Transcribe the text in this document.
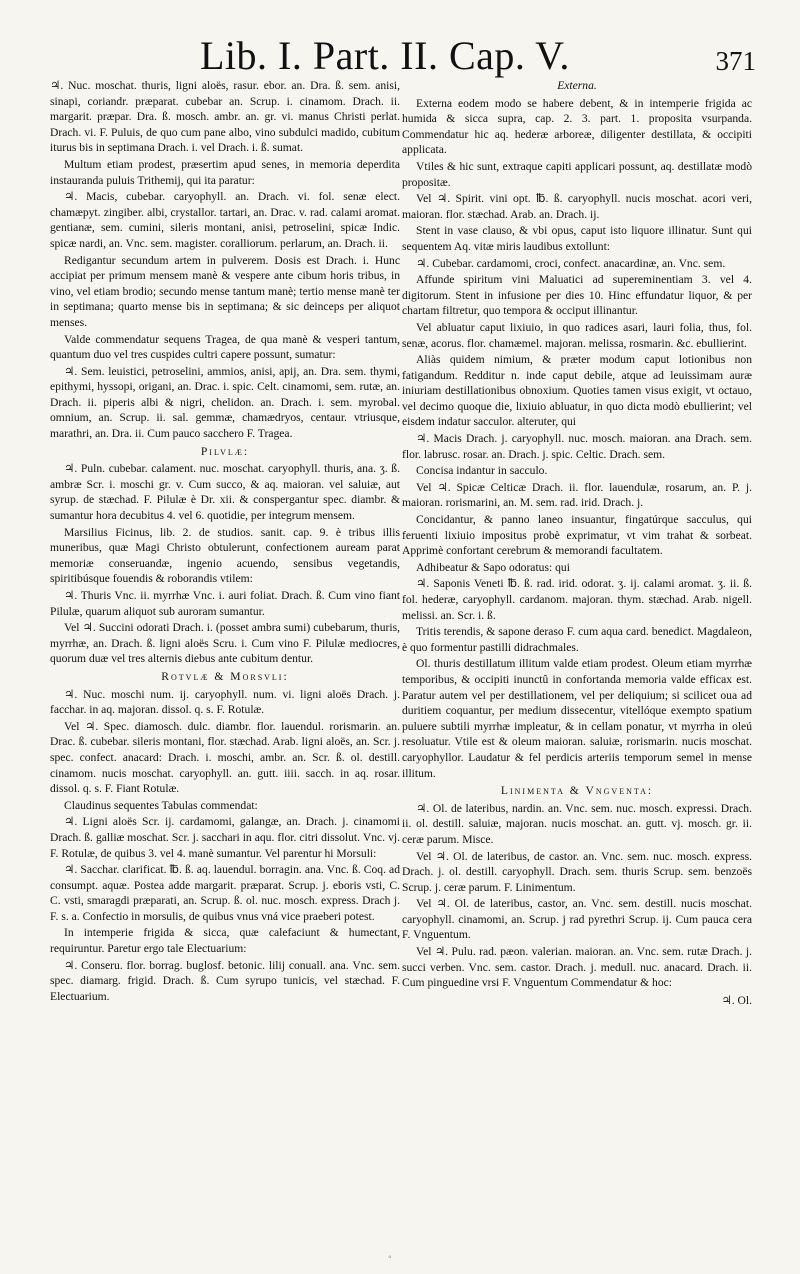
Lib. I. Part. II. Cap. V.	371

♃. Nuc. moschat. thuris, ligni aloës, rasur. ebor. an. Dra. ß. sem. anisi, sinapi, coriandr. præparat. cubebar an. Scrup. i. cinamom. Drach. ii. margarit. præpar. Dra. ß. mosch. ambr. an. gr. vi. manus Christi perlat. Drach. vi. F. Puluis, de quo cum pane albo, vino subdulci madido, cubitum iturus bis in septimana Drach. i. vel Drach. i. ß. sumat.

Multum etiam prodest, præsertim apud senes, in memoria deperdita instauranda puluis Trithemij, qui ita paratur:

♃. Macis, cubebar. caryophyll. an. Drach. vi. fol. senæ elect. chamæpyt. zingiber. albi, crystallor. tartari, an. Drac. v. rad. calami aromat. gentianæ, sem. cumini, sileris montani, anisi, petroselini, spicæ Indic. spicæ nardi, an. Vnc. sem. magister. coralliorum. perlarum, an. Drach. ii.

Redigantur secundum artem in pulverem. Dosis est Drach. i. Hunc accipiat per primum mensem manè & vespere ante cibum horis tribus, in vino, vel etiam brodio; secundo mense tantum manè; tertio mense manè ter in septimana; quarto mense bis in septimana; & sic deinceps per aliquot menses.

Valde commendatur sequens Tragea, de qua manè & vesperi tantum, quantum duo vel tres cuspides cultri capere possunt, sumatur:

♃. Sem. leuistici, petroselini, ammios, anisi, apij, an. Dra. sem. thymi, epithymi, hyssopi, origani, an. Drac. i. spic. Celt. cinamomi, sem. rutæ, an. Drach. ii. piperis albi & nigri, chelidon. an. Drach. i. sem. myrobal. omnium, an. Scrup. ii. sal. gemmæ, chamædryos, centaur. vtriusque, marathri, an. Dra. ii. Cum pauco sacchero F. Tragea.

Pilvlæ:

♃. Puln. cubebar. calament. nuc. moschat. caryophyll. thuris, ana. ʒ. ß. ambræ Scr. i. moschi gr. v. Cum succo, & aq. maioran. vel saluiæ, aut syrup. de stæchad. F. Pilulæ è Dr. xii. & conspergantur spec. diambr. & sumantur hora decubitus 4. vel 6. quotidie, per integrum mensem.

Marsilius Ficinus, lib. 2. de studios. sanit. cap. 9. è tribus illis muneribus, quæ Magi Christo obtulerunt, confectionem auream parat memoriæ conseruandæ, ingenio acuendo, sensibus vegetandis, spiritibúsque fouendis & roborandis vtilem:

♃. Thuris Vnc. ii. myrrhæ Vnc. i. auri foliat. Drach. ß. Cum vino fiant Pilulæ, quarum aliquot sub auroram sumantur.

Vel ♃. Succini odorati Drach. i. (posset ambra sumi) cubebarum, thuris, myrrhæ, an. Drach. ß. ligni aloës Scru. i. Cum vino F. Pilulæ mediocres, quorum duæ vel tres alternis diebus ante cubitum dentur.

Rotvlæ & Morsvli:

♃. Nuc. moschi num. ij. caryophyll. num. vi. ligni aloës Drach. j. facchar. in aq. majoran. dissol. q. s. F. Rotulæ.

Vel ♃. Spec. diamosch. dulc. diambr. flor. lauendul. rorismarin. an. Drac. ß. cubebar. sileris montani, flor. stæchad. Arab. ligni aloës, an. Scr. j. spec. confect. anacard: Drach. i. moschi, ambr. an. Scr. ß. ol. destill. cinamom. nucis moschat. caryophyll. an. gutt. iiii. sacch. in aq. rosar. dissol. q. s. F. Fiant Rotulæ.

Claudinus sequentes Tabulas commendat:

♃. Ligni aloës Scr. ij. cardamomi, galangæ, an. Drach. j. cinamomi Drach. ß. galliæ moschat. Scr. j. sacchari in aqu. flor. citri dissolut. Vnc. vj. F. Rotulæ, de quibus 3. vel 4. manè sumantur. Vel parentur hi Morsuli:

♃. Sacchar. clarificat. ℔. ß. aq. lauendul. borragin. ana. Vnc. ß. Coq. ad consumpt. aquæ. Postea adde margarit. præparat. Scrup. j. eboris vsti, C. C. vsti, smaragdi præparati, an. Scrup. ß. ol. nuc. mosch. express. Drach j. F. s. a. Confectio in morsulis, de quibus vnus vná vice praeberi potest.

In intemperie frigida & sicca, quæ calefaciunt & humectant, requiruntur. Paretur ergo tale Electuarium:

♃. Conseru. flor. borrag. buglosf. betonic. lilij conuall. ana. Vnc. sem. spec. diamarg. frigid. Drach. ß. Cum syrupo tunicis, vel stæchad. F. Electuarium.

Externa.

Externa eodem modo se habere debent, & in intemperie frigida ac humida & sicca supra, cap. 2. 3. part. 1. proposita vsurpanda. Commendatur hic aq. hederæ arboreæ, diligenter destillata, & occipiti applicata.

Vtiles & hic sunt, extraque capiti applicari possunt, aq. destillatæ modò propositæ.

Vel ♃. Spirit. vini opt. ℔. ß. caryophyll. nucis moschat. acori veri, maioran. flor. stæchad. Arab. an. Drach. ij.

Stent in vase clauso, & vbi opus, caput isto liquore illinatur. Sunt qui sequentem Aq. vitæ miris laudibus extollunt:

♃. Cubebar. cardamomi, croci, confect. anacardinæ, an. Vnc. sem.

Affunde spiritum vini Maluatici ad supereminentiam 3. vel 4. digitorum. Stent in infusione per dies 10. Hinc effundatur liquor, & per chartam filtretur, quo tempora & occiput illinantur.

Vel abluatur caput lixiuio, in quo radices asari, lauri folia, thus, fol. senæ, acorus. flor. chamæmel. majoran. melissa, rosmarin. &c. ebullierint.

Aliàs quidem nimium, & præter modum caput lotionibus non fatigandum. Redditur n. inde caput debile, atque ad leuissimam auræ iniuriam destillationibus obnoxium. Quoties tamen visus exigit, vt octauo, vel decimo quoque die, lixiuio abluatur, in quo dicta modò ebullierint; vel eisdem indatur sacculor. alteruter, qui

♃. Macis Drach. j. caryophyll. nuc. mosch. maioran. ana Drach. sem. flor. labrusc. rosar. an. Drach. j. spic. Celtic. Drach. sem.

Concisa indantur in sacculo.

Vel ♃. Spicæ Celticæ Drach. ii. flor. lauendulæ, rosarum, an. P. j. maioran. rorismarini, an. M. sem. rad. irid. Drach. j.

Concidantur, & panno laneo insuantur, fingatúrque sacculus, qui feruenti lixiuio impositus probè exprimatur, vt vim trahat & sorbeat. Apprimè confortant cerebrum & memorandi facultatem.

Adhibeatur & Sapo odoratus: qui

♃. Saponis Veneti ℔. ß. rad. irid. odorat. ʒ. ij. calami aromat. ʒ. ii. ß. fol. hederæ, caryophyll. cardanom. majoran. thym. stæchad. Arab. nigell. melissi. an. Scr. i. ß.

Tritis terendis, & sapone deraso F. cum aqua card. benedict. Magdaleon, è quo formentur pastilli didrachmales.

Ol. thuris destillatum illitum valde etiam prodest. Oleum etiam myrrhæ temporibus, & occipiti inunctû in confortanda memoria valde efficax est. Paratur autem vel per destillationem, vel per deliquium; si scilicet oua ad duritiem coquantur, per medium dissecentur, vitellóque exempto spatium puluere subtili myrrhæ impleatur, & in cellam ponatur, vt myrrha in oleú resoluatur. Vtile est & oleum maioran. saluiæ, rorismarin. nucis moschat. caryophyllor. Laudatur & fel perdicis arteriis temporum semel in mense illitum.

Linimenta & Vngventa:

♃. Ol. de lateribus, nardin. an. Vnc. sem. nuc. mosch. expressi. Drach. ii. ol. destill. saluiæ, majoran. nucis moschat. an. gutt. vj. mosch. gr. ii. ceræ parum. Misce.

Vel ♃. Ol. de lateribus, de castor. an. Vnc. sem. nuc. mosch. express. Drach. j. ol. destill. caryophyll. Drach. sem. thuris Scrup. sem. benzoës Scrup. j. ceræ parum. F. Linimentum.

Vel ♃. Ol. de lateribus, castor, an. Vnc. sem. destill. nucis moschat. caryophyll. cinamomi, an. Scrup. j rad pyrethri Scrup. ij. Cum pauca cera F. Vnguentum.

Vel ♃. Pulu. rad. pæon. valerian. maioran. an. Vnc. sem. rutæ Drach. j. succi verben. Vnc. sem. castor. Drach. j. medull. nuc. anacard. Drach. ii. Cum pinguedine vrsi F. Vnguentum Commendatur & hoc:

♃. Ol.

◦
